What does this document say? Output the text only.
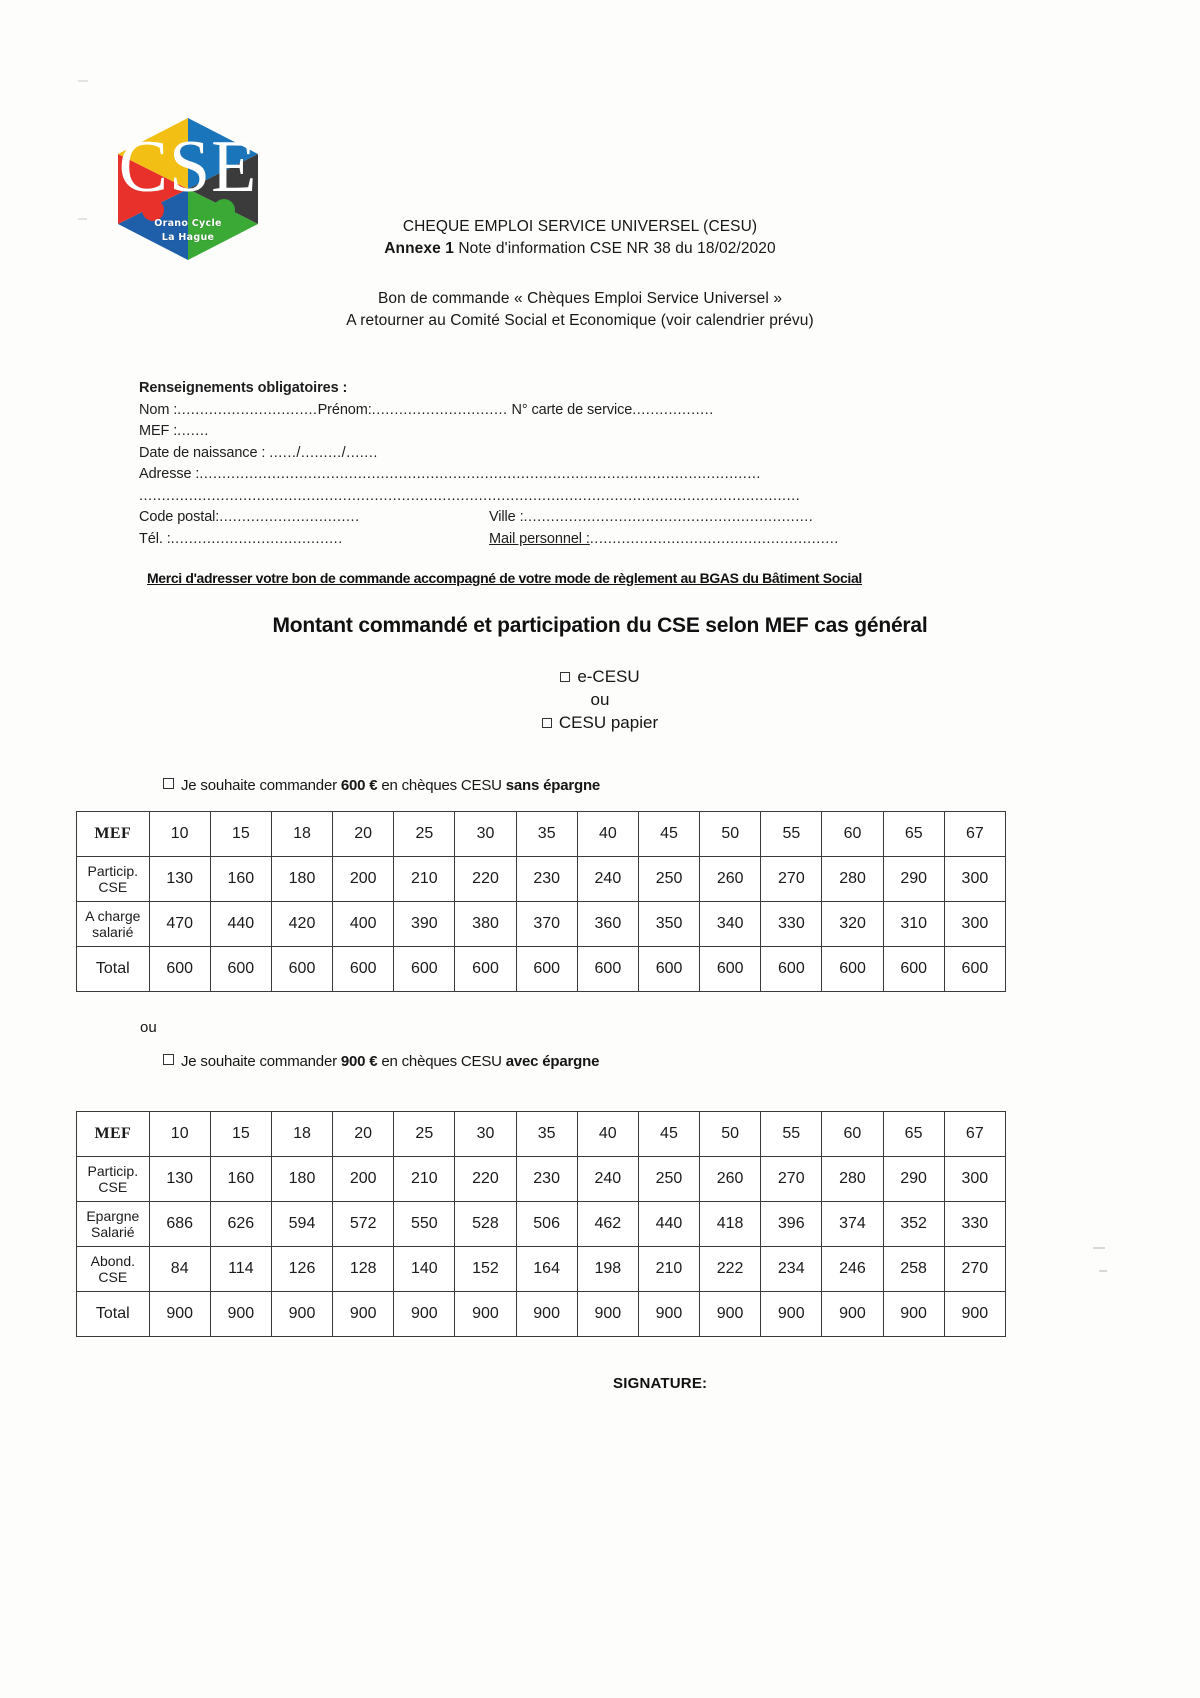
CSE
Orano Cycle
La Hague
CHEQUE EMPLOI SERVICE UNIVERSEL (CESU)
Annexe 1 Note d'information CSE NR 38 du 18/02/2020
Bon de commande « Chèques Emploi Service Universel »
A retourner au Comité Social et Economique (voir calendrier prévu)
Renseignements obligatoires :
Nom :...............................Prénom:.............................. N° carte de service..................
MEF :.......
Date de naissance : ....../........./.......
Adresse :............................................................................................................................
..................................................................................................................................................
Code postal:...............................	Ville :................................................................
Tél. :......................................	Mail personnel :.......................................................
Merci d'adresser votre bon de commande accompagné de votre mode de règlement au BGAS du Bâtiment Social
Montant commandé et participation du CSE selon MEF cas général
e-CESU
ou
CESU papier
Je souhaite commander 600 € en chèques CESU sans épargne
MEF	10	15	18	20	25	30	35	40	45	50	55	60	65	67
Particip. CSE	130	160	180	200	210	220	230	240	250	260	270	280	290	300
A charge salarié	470	440	420	400	390	380	370	360	350	340	330	320	310	300
Total	600	600	600	600	600	600	600	600	600	600	600	600	600	600
ou
Je souhaite commander 900 € en chèques CESU avec épargne
MEF	10	15	18	20	25	30	35	40	45	50	55	60	65	67
Particip. CSE	130	160	180	200	210	220	230	240	250	260	270	280	290	300
Epargne Salarié	686	626	594	572	550	528	506	462	440	418	396	374	352	330
Abond. CSE	84	114	126	128	140	152	164	198	210	222	234	246	258	270
Total	900	900	900	900	900	900	900	900	900	900	900	900	900	900
SIGNATURE:
